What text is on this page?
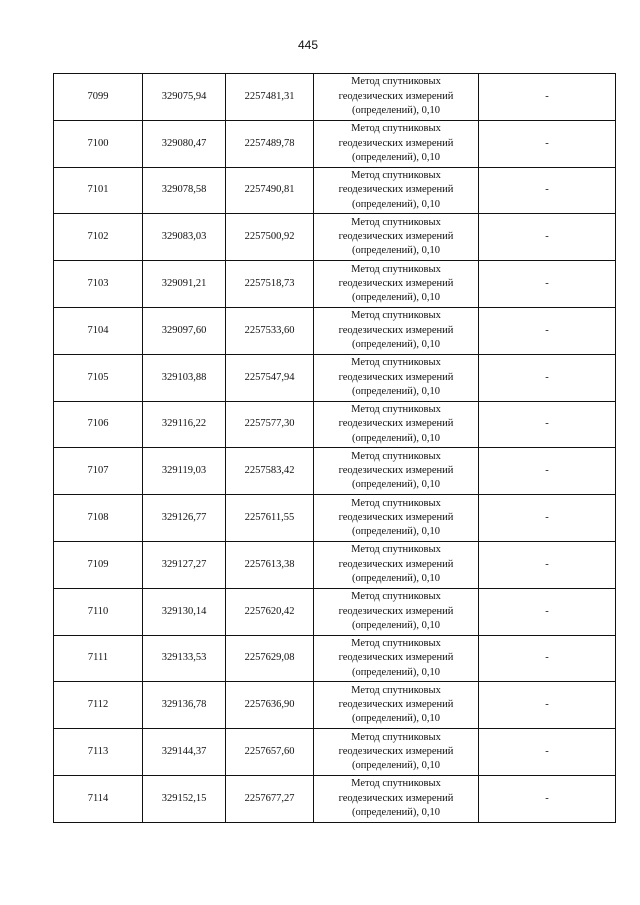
445
7099	329075,94	2257481,31	Метод спутниковых
геодезических измерений
(определений), 0,10	-
7100	329080,47	2257489,78	Метод спутниковых
геодезических измерений
(определений), 0,10	-
7101	329078,58	2257490,81	Метод спутниковых
геодезических измерений
(определений), 0,10	-
7102	329083,03	2257500,92	Метод спутниковых
геодезических измерений
(определений), 0,10	-
7103	329091,21	2257518,73	Метод спутниковых
геодезических измерений
(определений), 0,10	-
7104	329097,60	2257533,60	Метод спутниковых
геодезических измерений
(определений), 0,10	-
7105	329103,88	2257547,94	Метод спутниковых
геодезических измерений
(определений), 0,10	-
7106	329116,22	2257577,30	Метод спутниковых
геодезических измерений
(определений), 0,10	-
7107	329119,03	2257583,42	Метод спутниковых
геодезических измерений
(определений), 0,10	-
7108	329126,77	2257611,55	Метод спутниковых
геодезических измерений
(определений), 0,10	-
7109	329127,27	2257613,38	Метод спутниковых
геодезических измерений
(определений), 0,10	-
7110	329130,14	2257620,42	Метод спутниковых
геодезических измерений
(определений), 0,10	-
7111	329133,53	2257629,08	Метод спутниковых
геодезических измерений
(определений), 0,10	-
7112	329136,78	2257636,90	Метод спутниковых
геодезических измерений
(определений), 0,10	-
7113	329144,37	2257657,60	Метод спутниковых
геодезических измерений
(определений), 0,10	-
7114	329152,15	2257677,27	Метод спутниковых
геодезических измерений
(определений), 0,10	-
